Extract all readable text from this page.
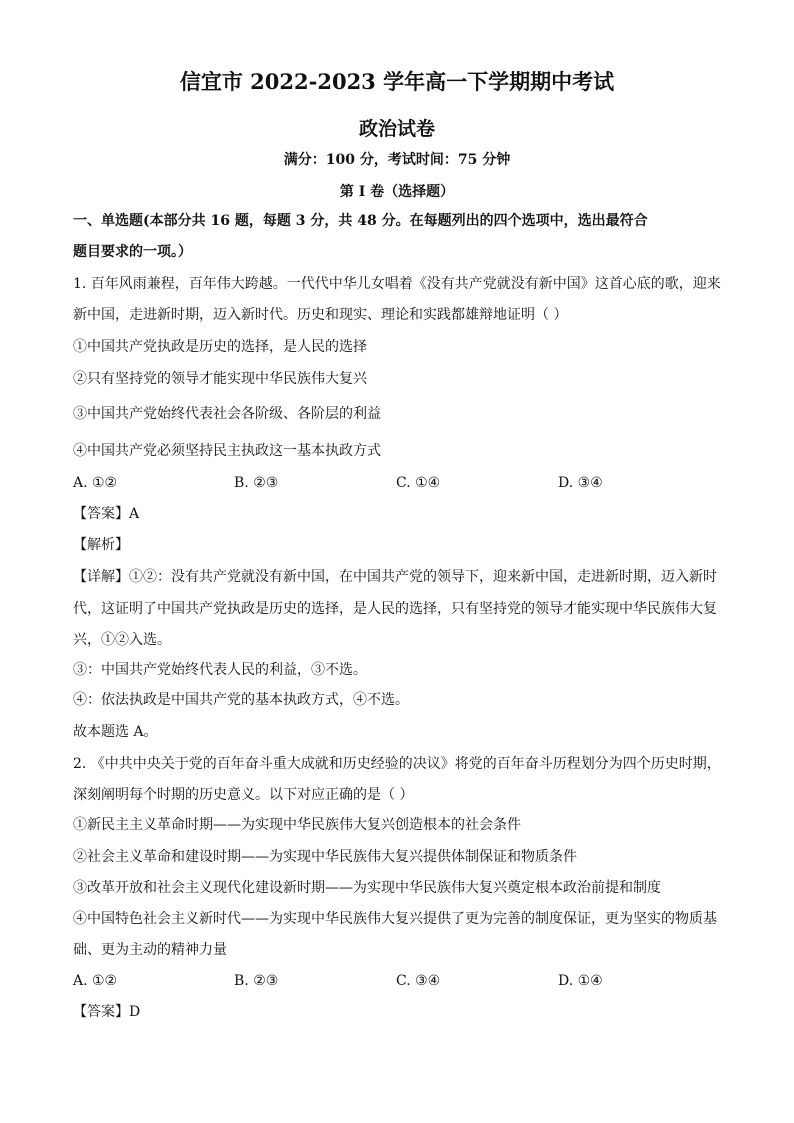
信宜市 2022-2023 学年高一下学期期中考试
政治试卷
满分：100 分，考试时间：75 分钟
第 I 卷（选择题）
一、单选题(本部分共 16 题，每题 3 分，共 48 分。在每题列出的四个选项中，选出最符合
题目要求的一项。）
1. 百年风雨兼程，百年伟大跨越。一代代中华儿女唱着《没有共产党就没有新中国》这首心底的歌，迎来
新中国，走进新时期，迈入新时代。历史和现实、理论和实践都雄辩地证明（ ）
①中国共产党执政是历史的选择，是人民的选择
②只有坚持党的领导才能实现中华民族伟大复兴
③中国共产党始终代表社会各阶级、各阶层的利益
④中国共产党必须坚持民主执政这一基本执政方式
A. ①②	B. ②③	C. ①④	D. ③④
【答案】A
【解析】
【详解】①②：没有共产党就没有新中国，在中国共产党的领导下，迎来新中国，走进新时期，迈入新时
代，这证明了中国共产党执政是历史的选择，是人民的选择，只有坚持党的领导才能实现中华民族伟大复
兴，①②入选。
③：中国共产党始终代表人民的利益，③不选。
④：依法执政是中国共产党的基本执政方式，④不选。
故本题选 A。
2. 《中共中央关于党的百年奋斗重大成就和历史经验的决议》将党的百年奋斗历程划分为四个历史时期，
深刻阐明每个时期的历史意义。以下对应正确的是（ ）
①新民主主义革命时期——为实现中华民族伟大复兴创造根本的社会条件
②社会主义革命和建设时期——为实现中华民族伟大复兴提供体制保证和物质条件
③改革开放和社会主义现代化建设新时期——为实现中华民族伟大复兴奠定根本政治前提和制度
④中国特色社会主义新时代——为实现中华民族伟大复兴提供了更为完善的制度保证，更为坚实的物质基
础、更为主动的精神力量
A. ①②	B. ②③	C. ③④	D. ①④
【答案】D
